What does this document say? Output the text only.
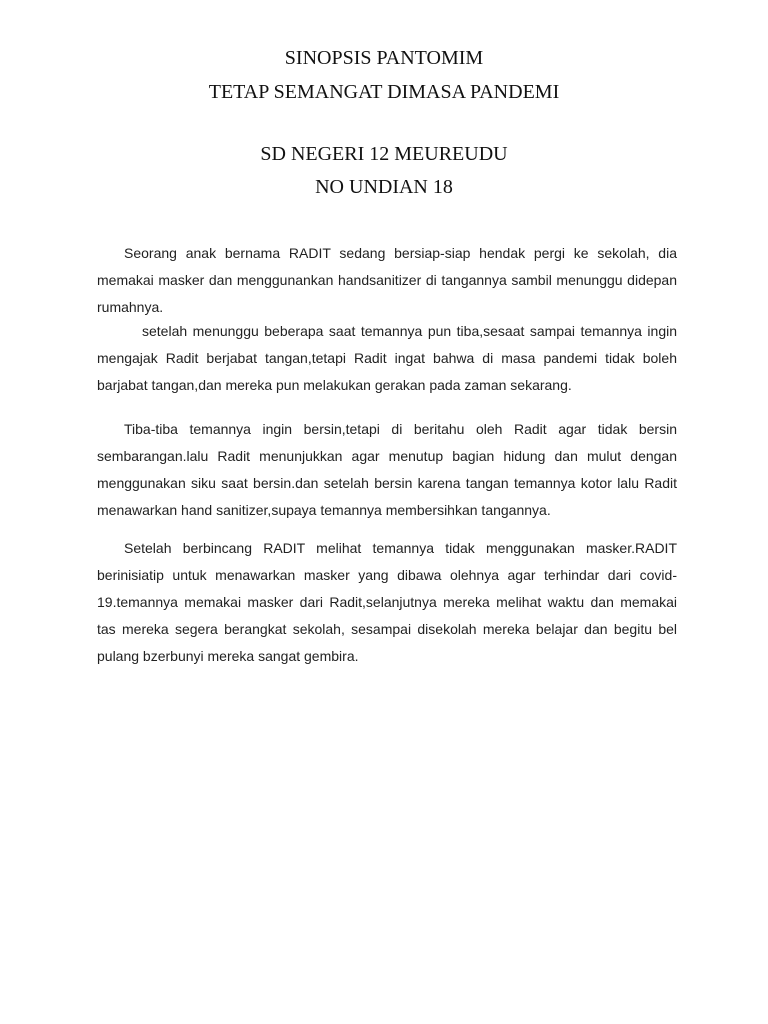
SINOPSIS PANTOMIM
TETAP SEMANGAT DIMASA PANDEMI
SD NEGERI 12 MEUREUDU
NO UNDIAN 18
Seorang anak bernama RADIT sedang bersiap-siap hendak pergi ke sekolah, dia memakai masker dan menggunankan handsanitizer di tangannya sambil menunggu didepan rumahnya.
setelah menunggu beberapa saat temannya pun tiba,sesaat sampai temannya ingin mengajak Radit berjabat tangan,tetapi Radit ingat bahwa di masa pandemi tidak boleh barjabat tangan,dan mereka pun melakukan gerakan pada zaman sekarang.
Tiba-tiba temannya ingin bersin,tetapi di beritahu oleh Radit agar tidak bersin sembarangan.lalu Radit menunjukkan agar menutup bagian hidung dan mulut dengan menggunakan siku saat bersin.dan setelah bersin karena tangan temannya kotor lalu Radit menawarkan hand sanitizer,supaya temannya membersihkan tangannya.
Setelah berbincang RADIT melihat temannya tidak menggunakan masker.RADIT berinisiatip untuk menawarkan masker yang dibawa olehnya agar terhindar dari covid-19.temannya memakai masker dari Radit,selanjutnya mereka melihat waktu dan memakai tas mereka segera berangkat sekolah, sesampai disekolah mereka belajar dan begitu bel pulang bzerbunyi mereka sangat gembira.
